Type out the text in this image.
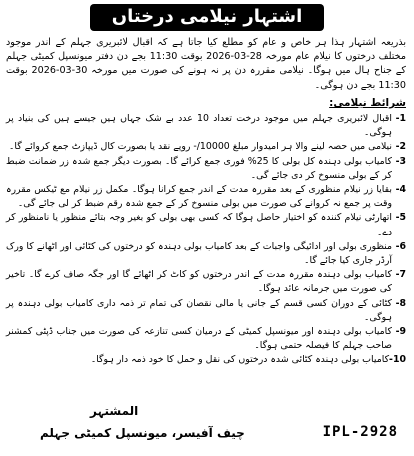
اشتہار نیلامی درختاں
بذریعہ اشتہار ہذا ہر خاص و عام کو مطلع کیا جاتا ہے کہ اقبال لائبریری جہلم کے اندر موجود مختلف درختوں کا نیلام عام مورخہ 28-03-2026 بوقت 11:30 بجے دن دفتر میونسپل کمیٹی جہلم کے جناح ہال میں ہوگا۔ نیلامی مقررہ دن پر نہ ہونے کی صورت میں مورخہ 30-03-2026 بوقت 11:30 بجے دن ہوگی۔
شرائط نیلامی:
1-
اقبال لائبریری جہلم میں موجود درخت تعداد 10 عدد بے شک جہاں ہیں جیسے ہیں کی بنیاد پر ہوگی۔
2-
نیلامی میں حصہ لینے والا ہر امیدوار مبلغ 10000/- روپے نقد یا بصورت کال ڈیپازٹ جمع کروائے گا۔
3-
کامیاب بولی دہندہ کل بولی کا 25% فوری جمع کرائے گا۔ بصورت دیگر جمع شدہ زر ضمانت ضبط کر کے بولی منسوخ کر دی جائے گی۔
4-
بقایا زر نیلام منظوری کے بعد مقررہ مدت کے اندر جمع کرانا ہوگا۔ مکمل زر نیلام مع ٹیکس مقررہ وقت پر جمع نہ کروانے کی صورت میں بولی منسوخ کر کے جمع شدہ رقم ضبط کر لی جائے گی۔
5-
اتھارٹی نیلام کنندہ کو اختیار حاصل ہوگا کہ کسی بھی بولی کو بغیر وجہ بتائے منظور یا نامنظور کر دے۔
6-
منظوری بولی اور ادائیگی واجبات کے بعد کامیاب بولی دہندہ کو درختوں کی کٹائی اور اٹھانے کا ورک آرڈر جاری کیا جائے گا۔
7-
کامیاب بولی دہندہ مقررہ مدت کے اندر درختوں کو کاٹ کر اٹھائے گا اور جگہ صاف کرے گا۔ تاخیر کی صورت میں جرمانہ عائد ہوگا۔
8-
کٹائی کے دوران کسی قسم کے جانی یا مالی نقصان کی تمام تر ذمہ داری کامیاب بولی دہندہ پر ہوگی۔
9-
کامیاب بولی دہندہ اور میونسپل کمیٹی کے درمیان کسی تنازعہ کی صورت میں جناب ڈپٹی کمشنر صاحب جہلم کا فیصلہ حتمی ہوگا۔
10-
کامیاب بولی دہندہ کٹائی شدہ درختوں کی نقل و حمل کا خود ذمہ دار ہوگا۔
المشتہر
چیف آفیسر، میونسپل کمیٹی جہلم	IPL-2928
